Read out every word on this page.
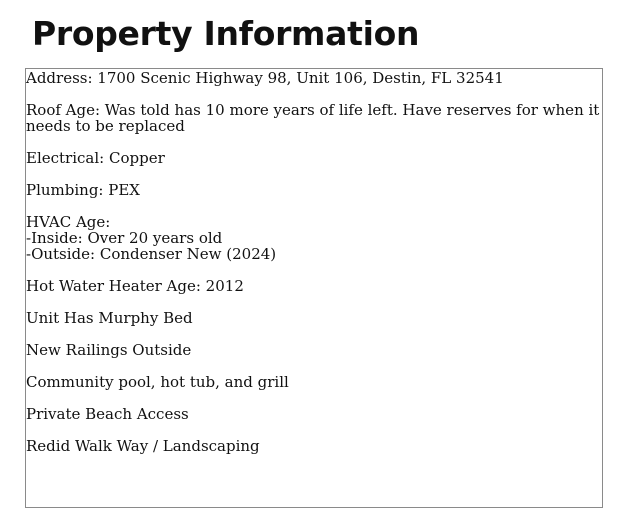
Property Information

Address: 1700 Scenic Highway 98, Unit 106, Destin, FL 32541

Roof Age: Was told has 10 more years of life left. Have reserves for when it needs to be replaced

Electrical: Copper

Plumbing: PEX

HVAC Age:

-Inside: Over 20 years old

-Outside: Condenser New (2024)

Hot Water Heater Age: 2012

Unit Has Murphy Bed

New Railings Outside

Community pool, hot tub, and grill

Private Beach Access

Redid Walk Way / Landscaping
